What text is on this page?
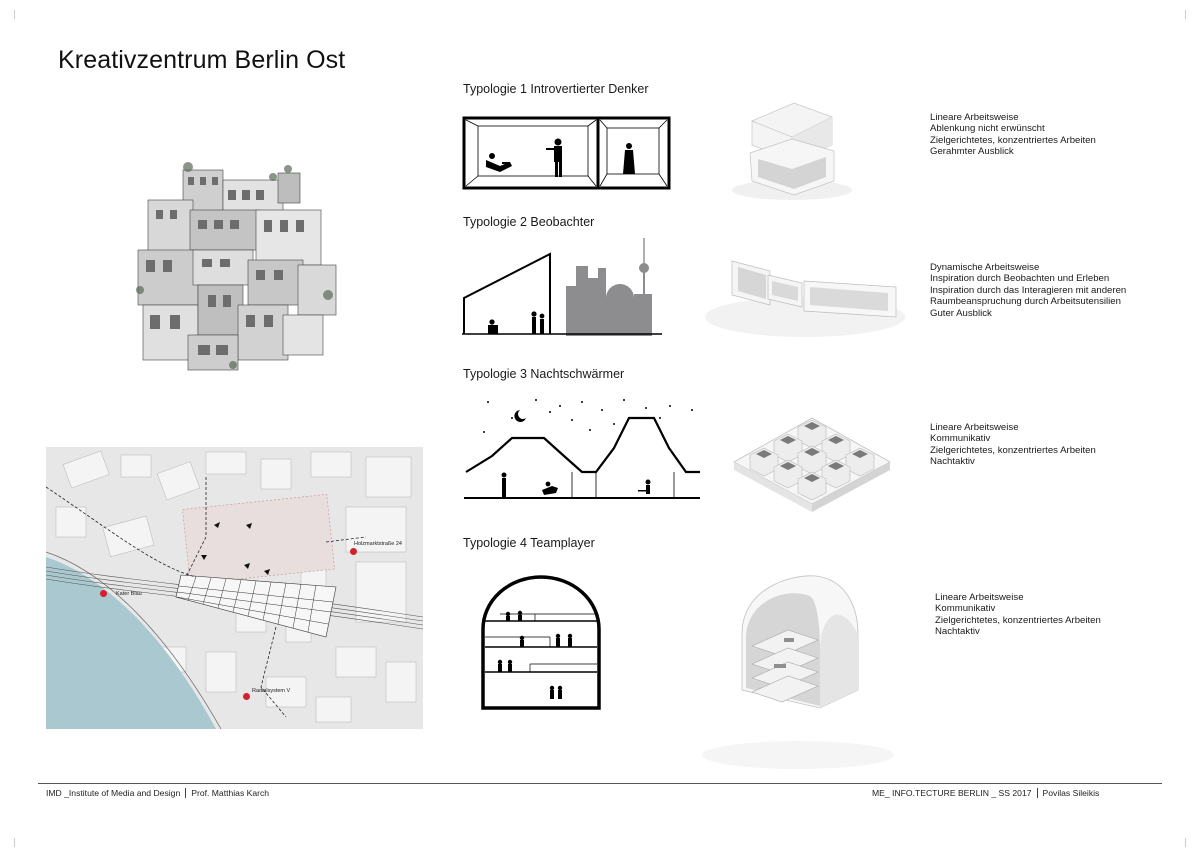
Kreativzentrum Berlin Ost
Kater Blau
Radialsystem V
Holzmarktstraße 24
Typologie 1 Introvertierter Denker
Typologie 2 Beobachter
Typologie 3 Nachtschwärmer
Typologie 4 Teamplayer
Lineare Arbeitsweise
Ablenkung nicht erwünscht
Zielgerichtetes, konzentriertes Arbeiten
Gerahmter Ausblick
Dynamische Arbeitsweise
Inspiration durch Beobachten und Erleben
Inspiration durch das Interagieren mit anderen
Raumbeanspruchung durch Arbeitsutensilien
Guter Ausblick
Lineare Arbeitsweise
Kommunikativ
Zielgerichtetes, konzentriertes Arbeiten
Nachtaktiv
Lineare Arbeitsweise
Kommunikativ
Zielgerichtetes, konzentriertes Arbeiten
Nachtaktiv
IMD _Institute of Media and Design Prof. Matthias Karch	ME_ INFO.TECTURE BERLIN _ SS 2017 Povilas Sileikis
